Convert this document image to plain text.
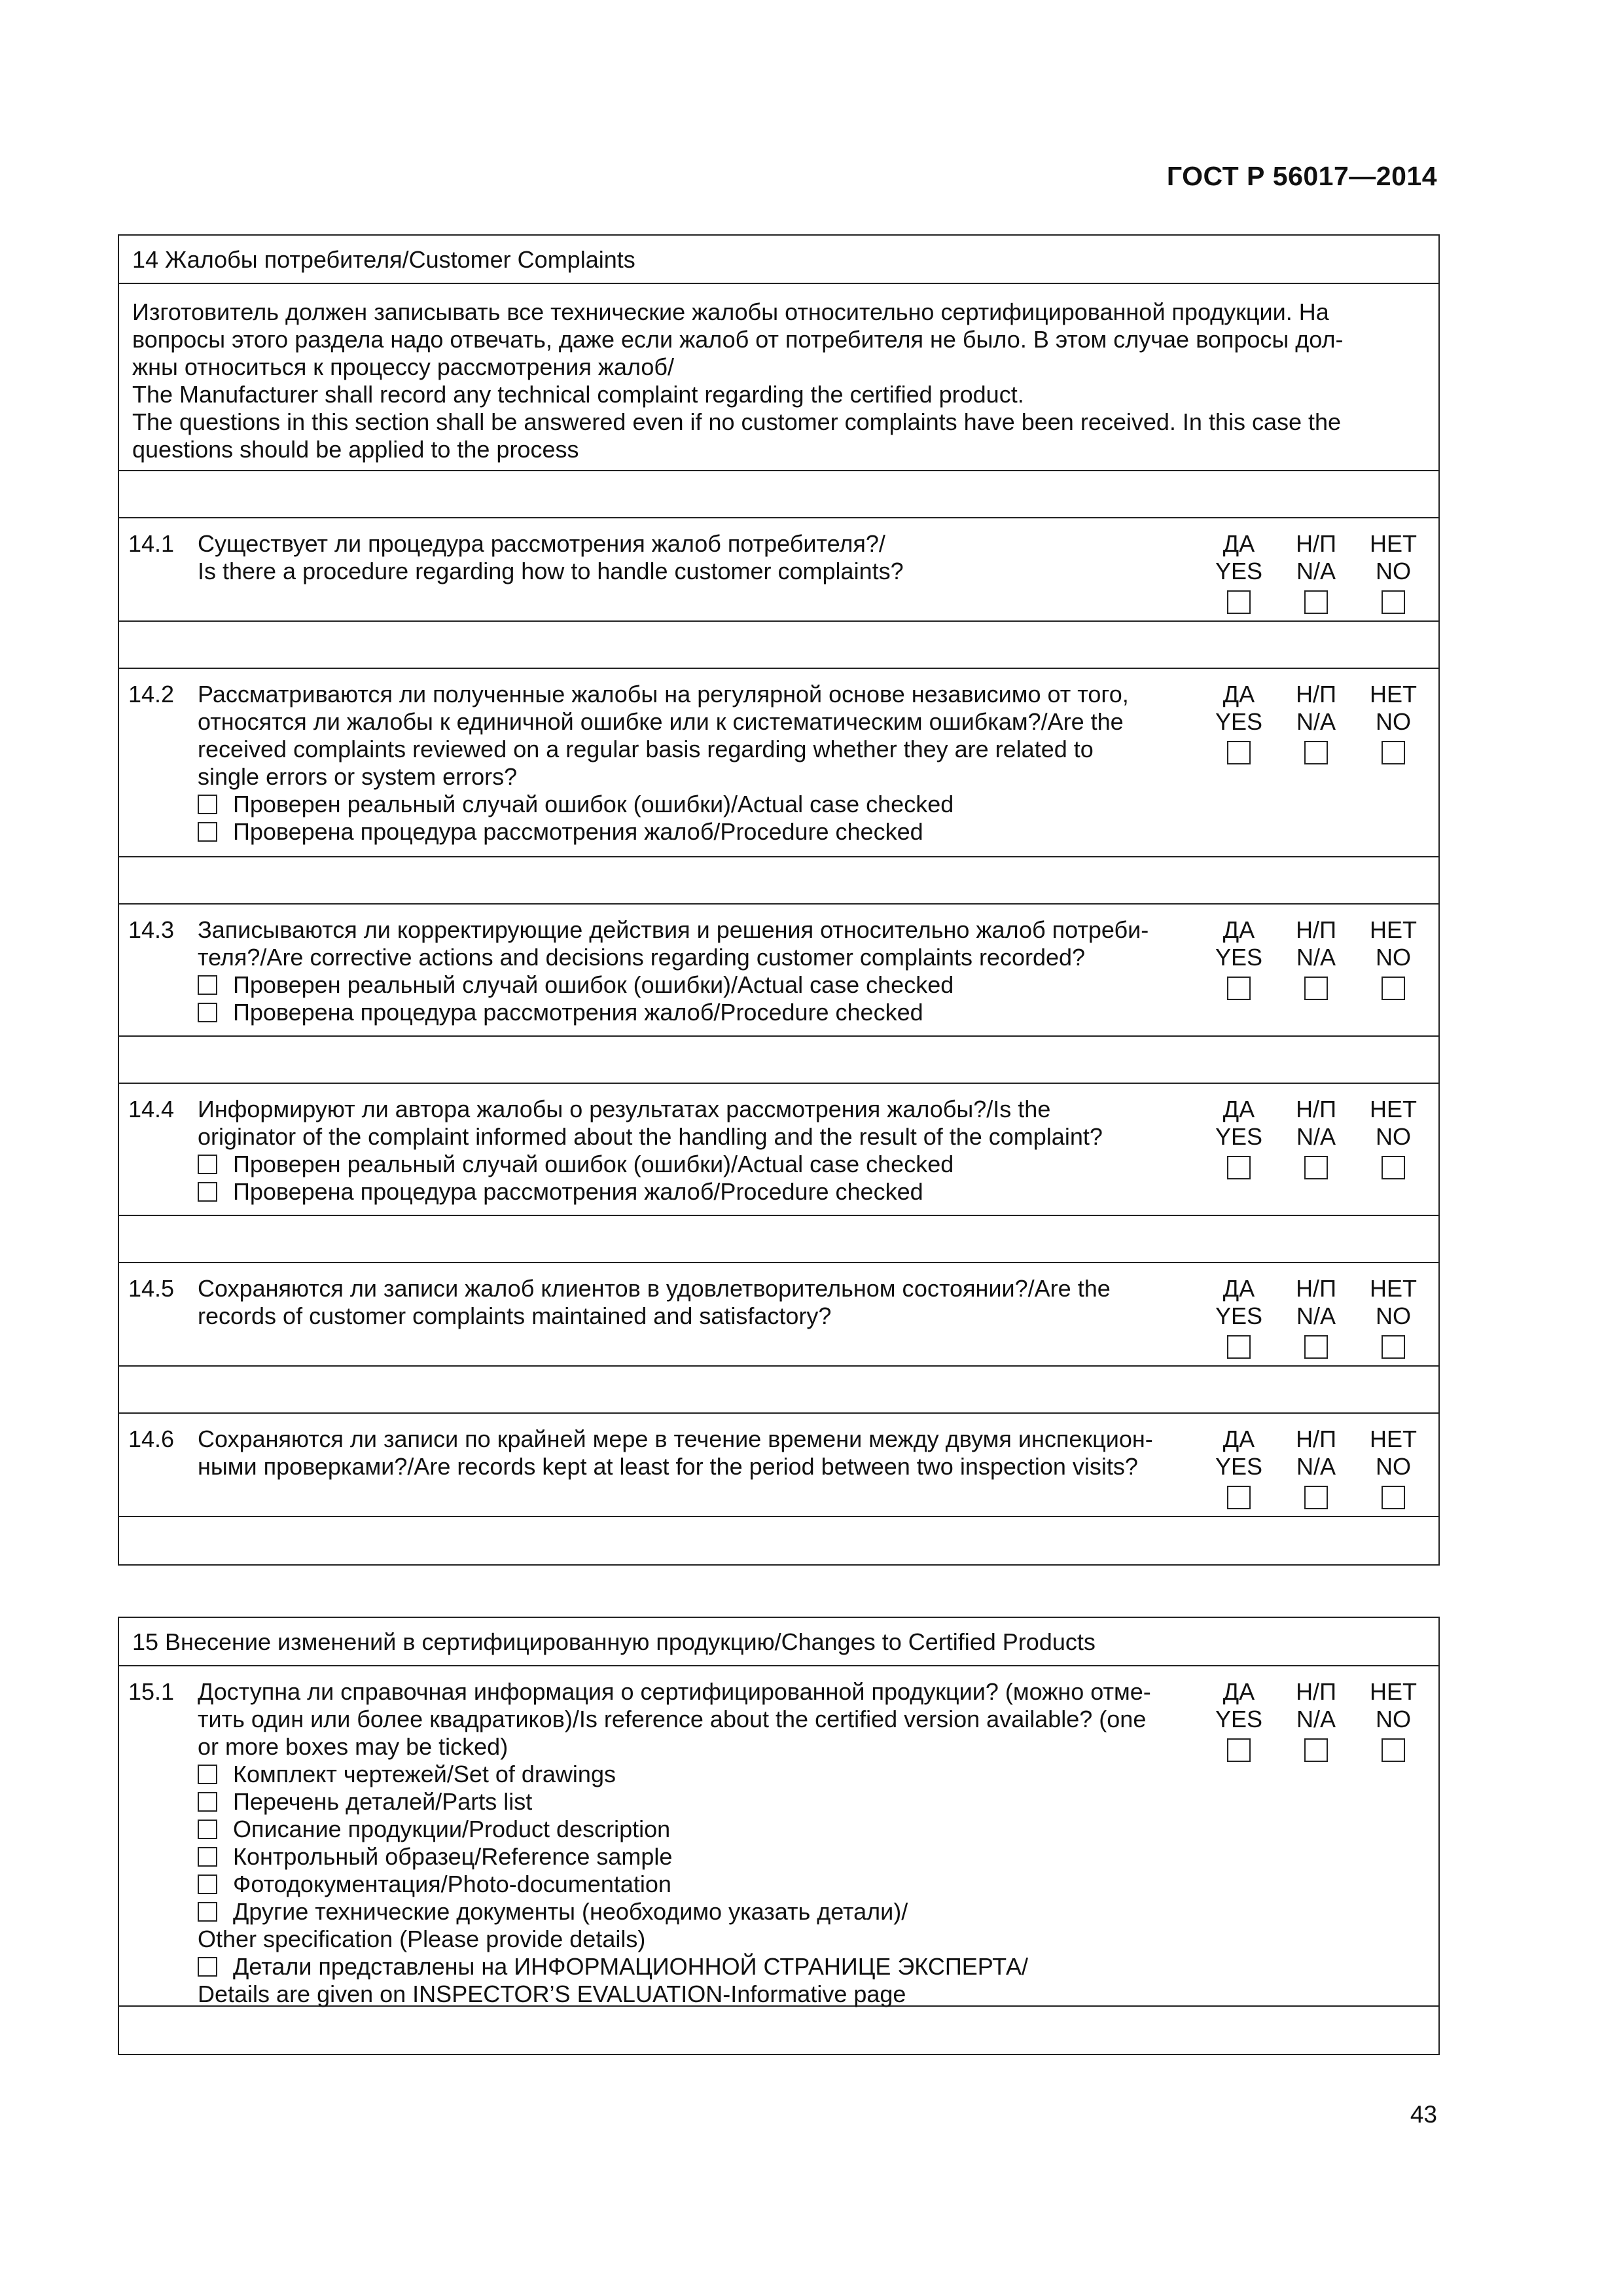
ГОСТ Р 56017—2014
14 Жалобы потребителя/Customer Complaints
Изготовитель должен записывать все технические жалобы относительно сертифицированной продукции. На
вопросы этого раздела надо отвечать, даже если жалоб от потребителя не было. В этом случае вопросы дол-
жны относиться к процессу рассмотрения жалоб/
The Manufacturer shall record any technical complaint regarding the certified product.
The questions in this section shall be answered even if no customer complaints have been received. In this case the
questions should be applied to the process
14.1 Существует ли процедура рассмотрения жалоб потребителя?/
Is there a procedure regarding how to handle customer complaints?
ДА
YES
Н/П
N/A
НЕТ
NO
14.2 Рассматриваются ли полученные жалобы на регулярной основе независимо от того,
относятся ли жалобы к единичной ошибке или к систематическим ошибкам?/Are the
received complaints reviewed on a regular basis regarding whether they are related to
single errors or system errors?
Проверен реальный случай ошибок (ошибки)/Actual case checked
Проверена процедура рассмотрения жалоб/Procedure checked
ДА
YES
Н/П
N/A
НЕТ
NO
14.3 Записываются ли корректирующие действия и решения относительно жалоб потреби-
теля?/Are corrective actions and decisions regarding customer complaints recorded?
Проверен реальный случай ошибок (ошибки)/Actual case checked
Проверена процедура рассмотрения жалоб/Procedure checked
ДА
YES
Н/П
N/A
НЕТ
NO
14.4 Информируют ли автора жалобы о результатах рассмотрения жалобы?/Is the
originator of the complaint informed about the handling and the result of the complaint?
Проверен реальный случай ошибок (ошибки)/Actual case checked
Проверена процедура рассмотрения жалоб/Procedure checked
ДА
YES
Н/П
N/A
НЕТ
NO
14.5 Сохраняются ли записи жалоб клиентов в удовлетворительном состоянии?/Are the
records of customer complaints maintained and satisfactory?
ДА
YES
Н/П
N/A
НЕТ
NO
14.6 Сохраняются ли записи по крайней мере в течение времени между двумя инспекцион-
ными проверками?/Are records kept at least for the period between two inspection visits?
ДА
YES
Н/П
N/A
НЕТ
NO
15 Внесение изменений в сертифицированную продукцию/Changes to Certified Products
15.1 Доступна ли справочная информация о сертифицированной продукции? (можно отме-
тить один или более квадратиков)/Is reference about the certified version available? (one
or more boxes may be ticked)
Комплект чертежей/Set of drawings
Перечень деталей/Parts list
Описание продукции/Product description
Контрольный образец/Reference sample
Фотодокументация/Photo-documentation
Другие технические документы (необходимо указать детали)/
Other specification (Please provide details)
Детали представлены на ИНФОРМАЦИОННОЙ СТРАНИЦЕ ЭКСПЕРТА/
Details are given on INSPECTOR’S EVALUATION-Informative page
ДА
YES
Н/П
N/A
НЕТ
NO
43
